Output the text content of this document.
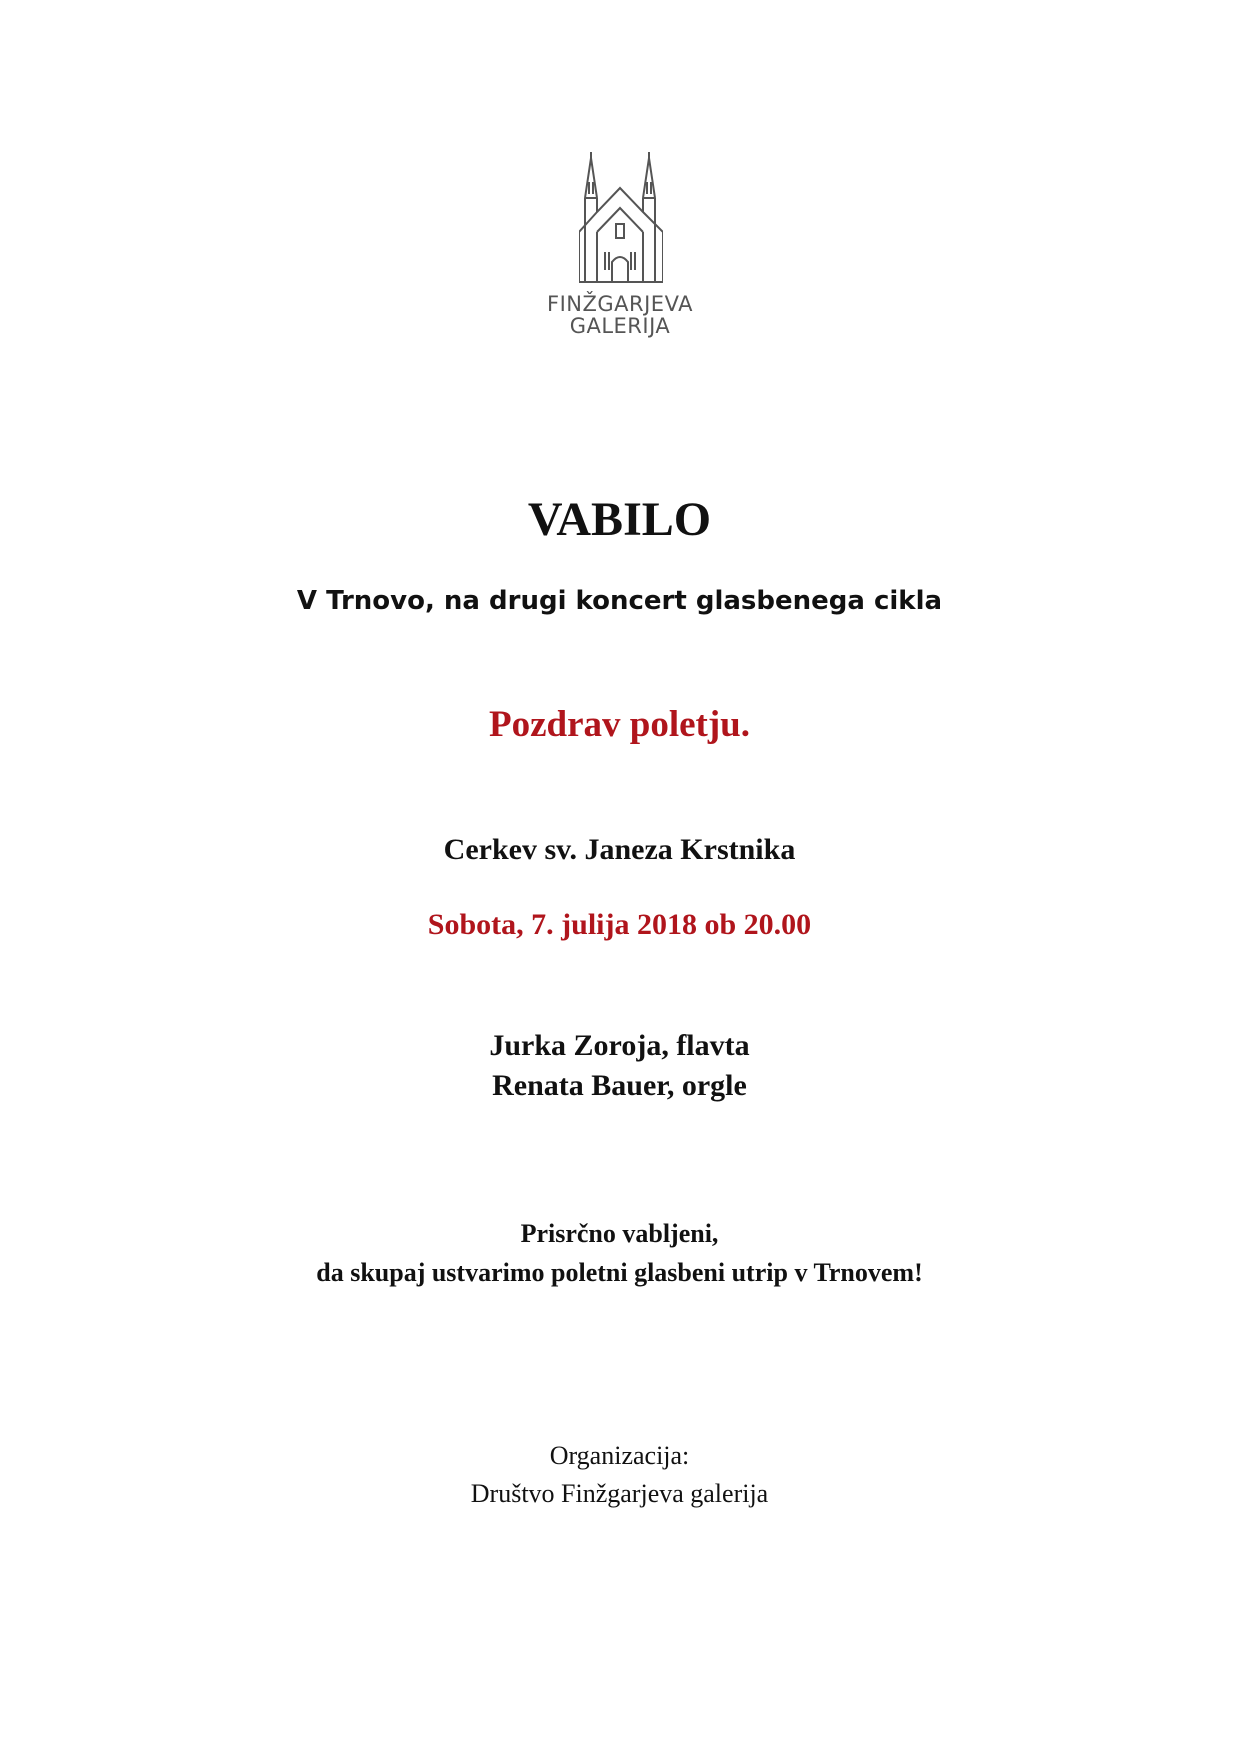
FINŽGARJEVA
GALERIJA
VABILO
V Trnovo, na drugi koncert glasbenega cikla
Pozdrav poletju.
Cerkev sv. Janeza Krstnika
Sobota, 7. julija 2018 ob 20.00
Jurka Zoroja, flavta
Renata Bauer, orgle
Prisrčno vabljeni,
da skupaj ustvarimo poletni glasbeni utrip v Trnovem!
Organizacija:
Društvo Finžgarjeva galerija
